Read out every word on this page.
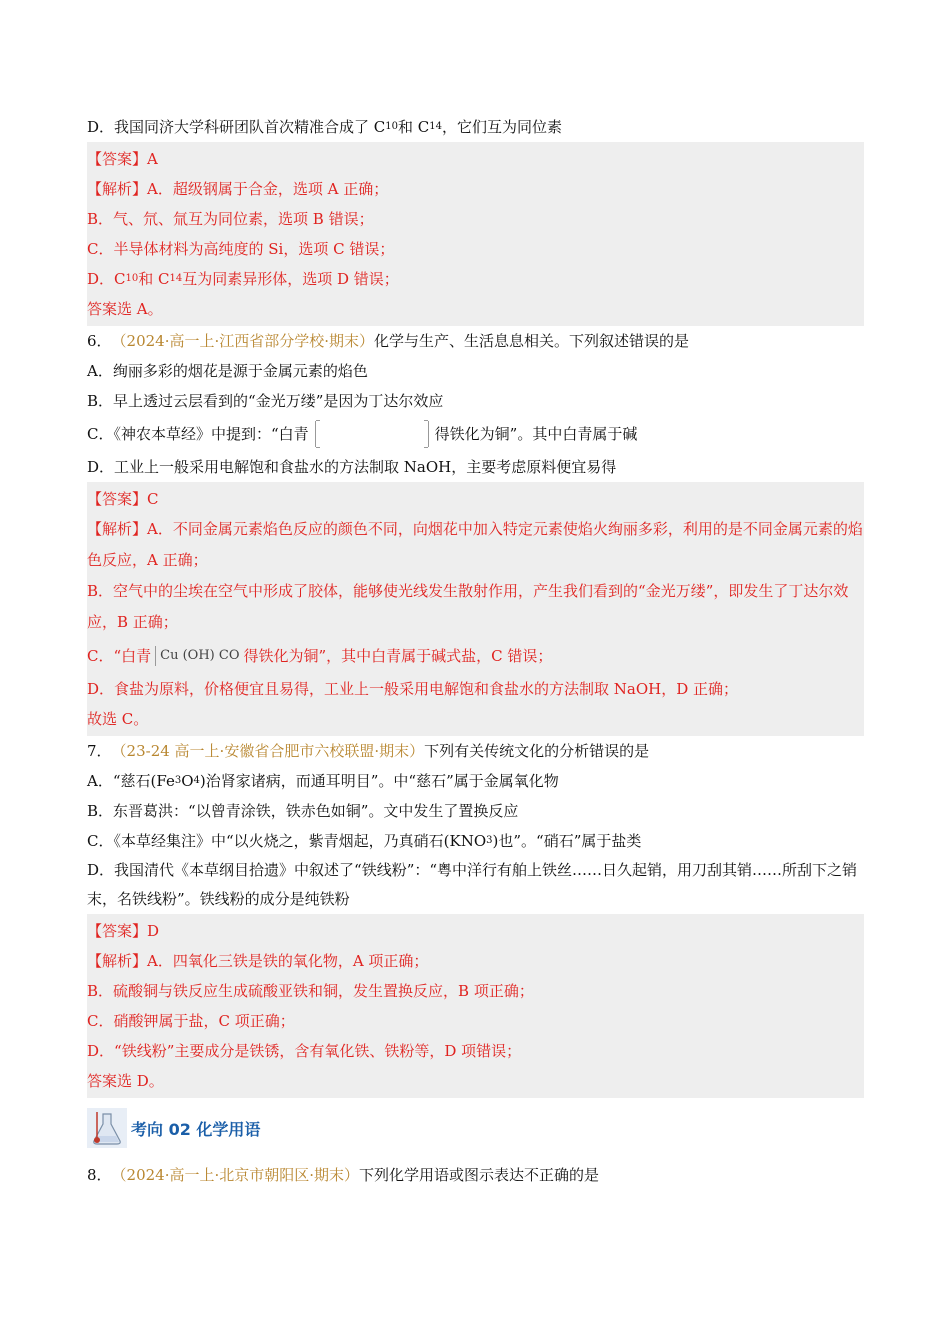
D．我国同济大学科研团队首次精准合成了 C 10 和 C 14 ，它们互为同位素
【答案】A
【解析】A．超级钢属于合金，选项 A 正确；
B．气、氘、氚互为同位素，选项 B 错误；
C．半导体材料为高纯度的 Si，选项 C 错误；
D．C 10 和 C 14 互为同素异形体，选项 D 错误；
答案选 A。
6． （2024·高一上·江西省部分学校·期末） 化学与生产、生活息息相关。下列叙述错误的是
A．绚丽多彩的烟花是源于金属元素的焰色
B．早上透过云层看到的“金光万缕”是因为丁达尔效应
C．《神农本草经》中提到：“白青	得铁化为铜”。其中白青属于碱
D．工业上一般采用电解饱和食盐水的方法制取 NaOH，主要考虑原料便宜易得
【答案】C
【解析】A．不同金属元素焰色反应的颜色不同，向烟花中加入特定元素使焰火绚丽多彩，利用的是不同金属元素的焰色反应，A 正确；
B．空气中的尘埃在空气中形成了胶体，能够使光线发生散射作用，产生我们看到的“金光万缕”，即发生了丁达尔效应，B 正确；
C．“白青 Cu (OH) CO 得铁化为铜”，其中白青属于碱式盐，C 错误；
D．食盐为原料，价格便宜且易得，工业上一般采用电解饱和食盐水的方法制取 NaOH，D 正确；
故选 C。
7． （23-24 高一上·安徽省合肥市六校联盟·期末） 下列有关传统文化的分析错误的是
A．“慈石(Fe 3 O 4 )治肾家诸病，而通耳明目”。中“慈石”属于金属氧化物
B．东晋葛洪：“以曾青涂铁，铁赤色如铜”。文中发生了置换反应
C．《本草经集注》中“以火烧之，紫青烟起，乃真硝石(KNO 3 )也”。“硝石”属于盐类
D．我国清代《本草纲目拾遗》中叙述了“铁线粉”：“粤中洋行有舶上铁丝……日久起销，用刀刮其销……所刮下之销末，名铁线粉”。铁线粉的成分是纯铁粉
【答案】D
【解析】A．四氧化三铁是铁的氧化物，A 项正确；
B．硫酸铜与铁反应生成硫酸亚铁和铜，发生置换反应，B 项正确；
C．硝酸钾属于盐，C 项正确；
D．“铁线粉”主要成分是铁锈，含有氧化铁、铁粉等，D 项错误；
答案选 D。
考向 02 化学用语
8． （2024·高一上·北京市朝阳区·期末） 下列化学用语或图示表达不正确的是
